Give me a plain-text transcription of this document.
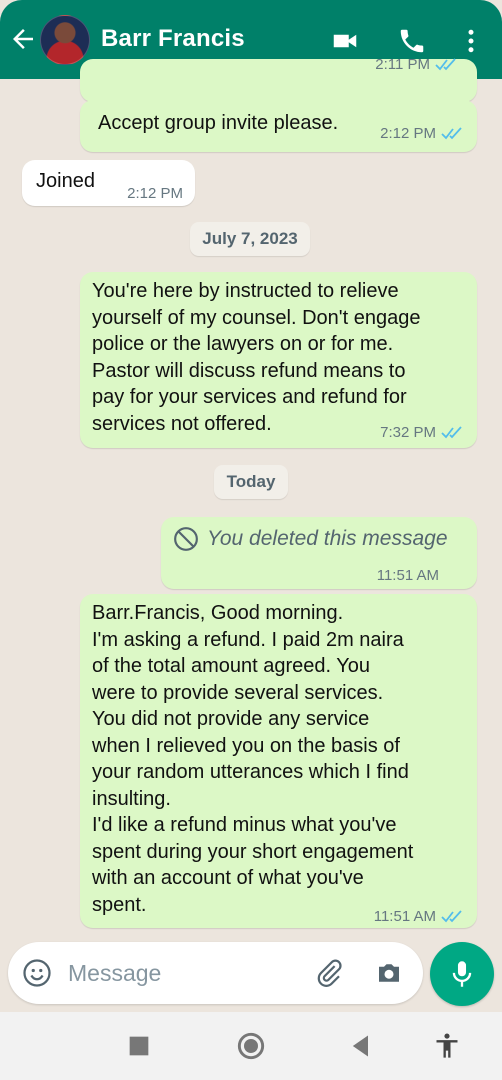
Barr Francis
2:11 PM
Accept group invite please.	2:12 PM
Joined
2:12 PM
July 7, 2023
You're here by instructed to relieve
yourself of my counsel. Don't engage
police or the lawyers on or for me.
Pastor will discuss refund means to
pay for your services and refund for
services not offered.	7:32 PM
Today
You deleted this message
11:51 AM
Barr.Francis, Good morning.
I'm asking a refund. I paid 2m naira
of the total amount agreed. You
were to provide several services.
You did not provide any service
when I relieved you on the basis of
your random utterances which I find
insulting.
I'd like a refund minus what you've
spent during your short engagement
with an account of what you've
spent.
11:51 AM
Message
